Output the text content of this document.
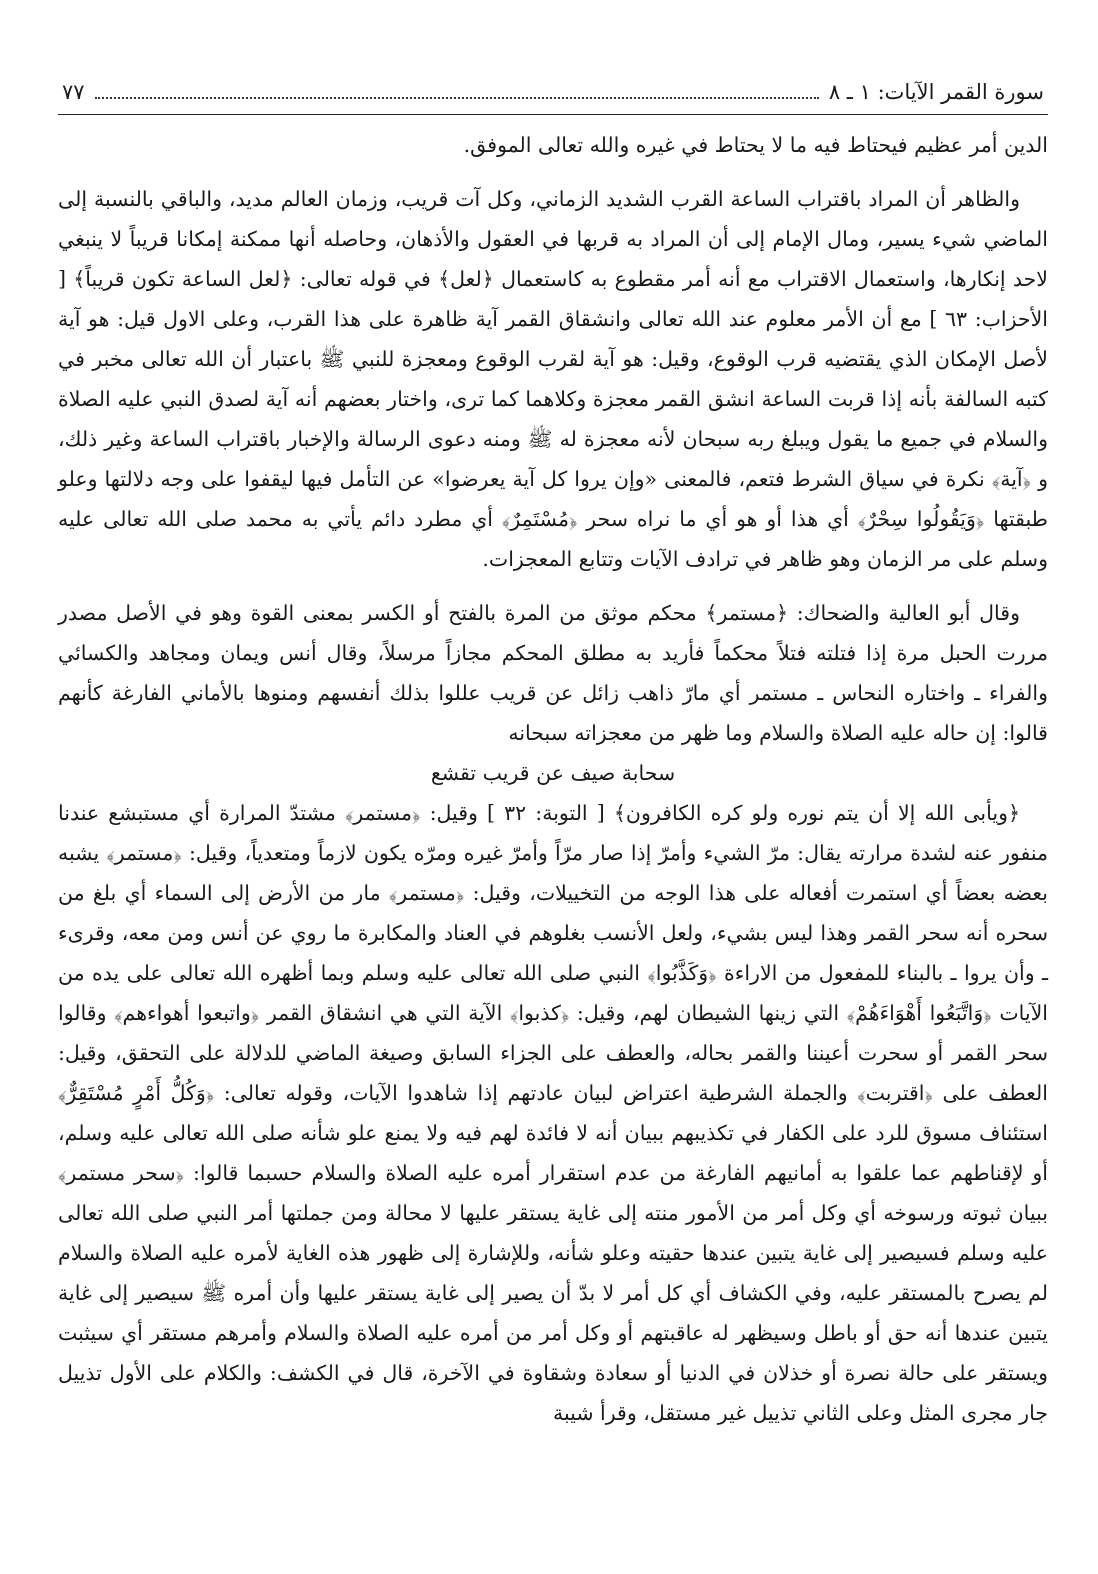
سورة القمر الآيات: ١ ـ ٨
٧٧

الدين أمر عظيم فيحتاط فيه ما لا يحتاط في غيره والله تعالى الموفق.

والظاهر أن المراد باقتراب الساعة القرب الشديد الزماني، وكل آت قريب، وزمان العالم مديد، والباقي بالنسبة إلى الماضي شيء يسير، ومال الإمام إلى أن المراد به قربها في العقول والأذهان، وحاصله أنها ممكنة إمكانا قريباً لا ينبغي لاحد إنكارها، واستعمال الاقتراب مع أنه أمر مقطوع به كاستعمال ﴿لعل﴾ في قوله تعالى: ﴿لعل الساعة تكون قريباً﴾ [ الأحزاب: ٦٣ ] مع أن الأمر معلوم عند الله تعالى وانشقاق القمر آية ظاهرة على هذا القرب، وعلى الاول قيل: هو آية لأصل الإمكان الذي يقتضيه قرب الوقوع، وقيل: هو آية لقرب الوقوع ومعجزة للنبي ﷺ باعتبار أن الله تعالى مخبر في كتبه السالفة بأنه إذا قربت الساعة انشق القمر معجزة وكلاهما كما ترى، واختار بعضهم أنه آية لصدق النبي عليه الصلاة والسلام في جميع ما يقول ويبلغ ربه سبحان لأنه معجزة له ﷺ ومنه دعوى الرسالة والإخبار باقتراب الساعة وغير ذلك، و ﴿آية﴾ نكرة في سياق الشرط فتعم، فالمعنى «وإن يروا كل آية يعرضوا» عن التأمل فيها ليقفوا على وجه دلالتها وعلو طبقتها ﴿وَيَقُولُوا سِحْرٌ﴾ أي هذا أو هو أي ما نراه سحر ﴿مُسْتَمِرٌ﴾ أي مطرد دائم يأتي به محمد صلى الله تعالى عليه وسلم على مر الزمان وهو ظاهر في ترادف الآيات وتتابع المعجزات.

وقال أبو العالية والضحاك: ﴿مستمر﴾ محكم موثق من المرة بالفتح أو الكسر بمعنى القوة وهو في الأصل مصدر مررت الحبل مرة إذا فتلته فتلاً محكماً فأريد به مطلق المحكم مجازاً مرسلاً، وقال أنس ويمان ومجاهد والكسائي والفراء ـ واختاره النحاس ـ مستمر أي مارّ ذاهب زائل عن قريب عللوا بذلك أنفسهم ومنوها بالأماني الفارغة كأنهم قالوا: إن حاله عليه الصلاة والسلام وما ظهر من معجزاته سبحانه

سحابة صيف عن قريب تقشع

﴿ويأبى الله إلا أن يتم نوره ولو كره الكافرون﴾ [ التوبة: ٣٢ ] وقيل: ﴿مستمر﴾ مشتدّ المرارة أي مستبشع عندنا منفور عنه لشدة مرارته يقال: مرّ الشيء وأمرّ إذا صار مرّاً وأمرّ غيره ومرّه يكون لازماً ومتعدياً، وقيل: ﴿مستمر﴾ يشبه بعضه بعضاً أي استمرت أفعاله على هذا الوجه من التخييلات، وقيل: ﴿مستمر﴾ مار من الأرض إلى السماء أي بلغ من سحره أنه سحر القمر وهذا ليس بشيء، ولعل الأنسب بغلوهم في العناد والمكابرة ما روي عن أنس ومن معه، وقرىء ـ وأن يروا ـ بالبناء للمفعول من الاراءة ﴿وَكَذَّبُوا﴾ النبي صلى الله تعالى عليه وسلم وبما أظهره الله تعالى على يده من الآيات ﴿وَاتَّبَعُوا أَهْوَاءَهُمْ﴾ التي زينها الشيطان لهم، وقيل: ﴿كذبوا﴾ الآية التي هي انشقاق القمر ﴿واتبعوا أهواءهم﴾ وقالوا سحر القمر أو سحرت أعيننا والقمر بحاله، والعطف على الجزاء السابق وصيغة الماضي للدلالة على التحقق، وقيل: العطف على ﴿اقتربت﴾ والجملة الشرطية اعتراض لبيان عادتهم إذا شاهدوا الآيات، وقوله تعالى: ﴿وَكُلُّ أَمْرٍ مُسْتَقِرٌّ﴾ استئناف مسوق للرد على الكفار في تكذيبهم ببيان أنه لا فائدة لهم فيه ولا يمنع علو شأنه صلى الله تعالى عليه وسلم، أو لإقناطهم عما علقوا به أمانيهم الفارغة من عدم استقرار أمره عليه الصلاة والسلام حسبما قالوا: ﴿سحر مستمر﴾ ببيان ثبوته ورسوخه أي وكل أمر من الأمور منته إلى غاية يستقر عليها لا محالة ومن جملتها أمر النبي صلى الله تعالى عليه وسلم فسيصير إلى غاية يتبين عندها حقيته وعلو شأنه، وللإشارة إلى ظهور هذه الغاية لأمره عليه الصلاة والسلام لم يصرح بالمستقر عليه، وفي الكشاف أي كل أمر لا بدّ أن يصير إلى غاية يستقر عليها وأن أمره ﷺ سيصير إلى غاية يتبين عندها أنه حق أو باطل وسيظهر له عاقبتهم أو وكل أمر من أمره عليه الصلاة والسلام وأمرهم مستقر أي سيثبت ويستقر على حالة نصرة أو خذلان في الدنيا أو سعادة وشقاوة في الآخرة، قال في الكشف: والكلام على الأول تذييل جار مجرى المثل وعلى الثاني تذييل غير مستقل، وقرأ شيبة
